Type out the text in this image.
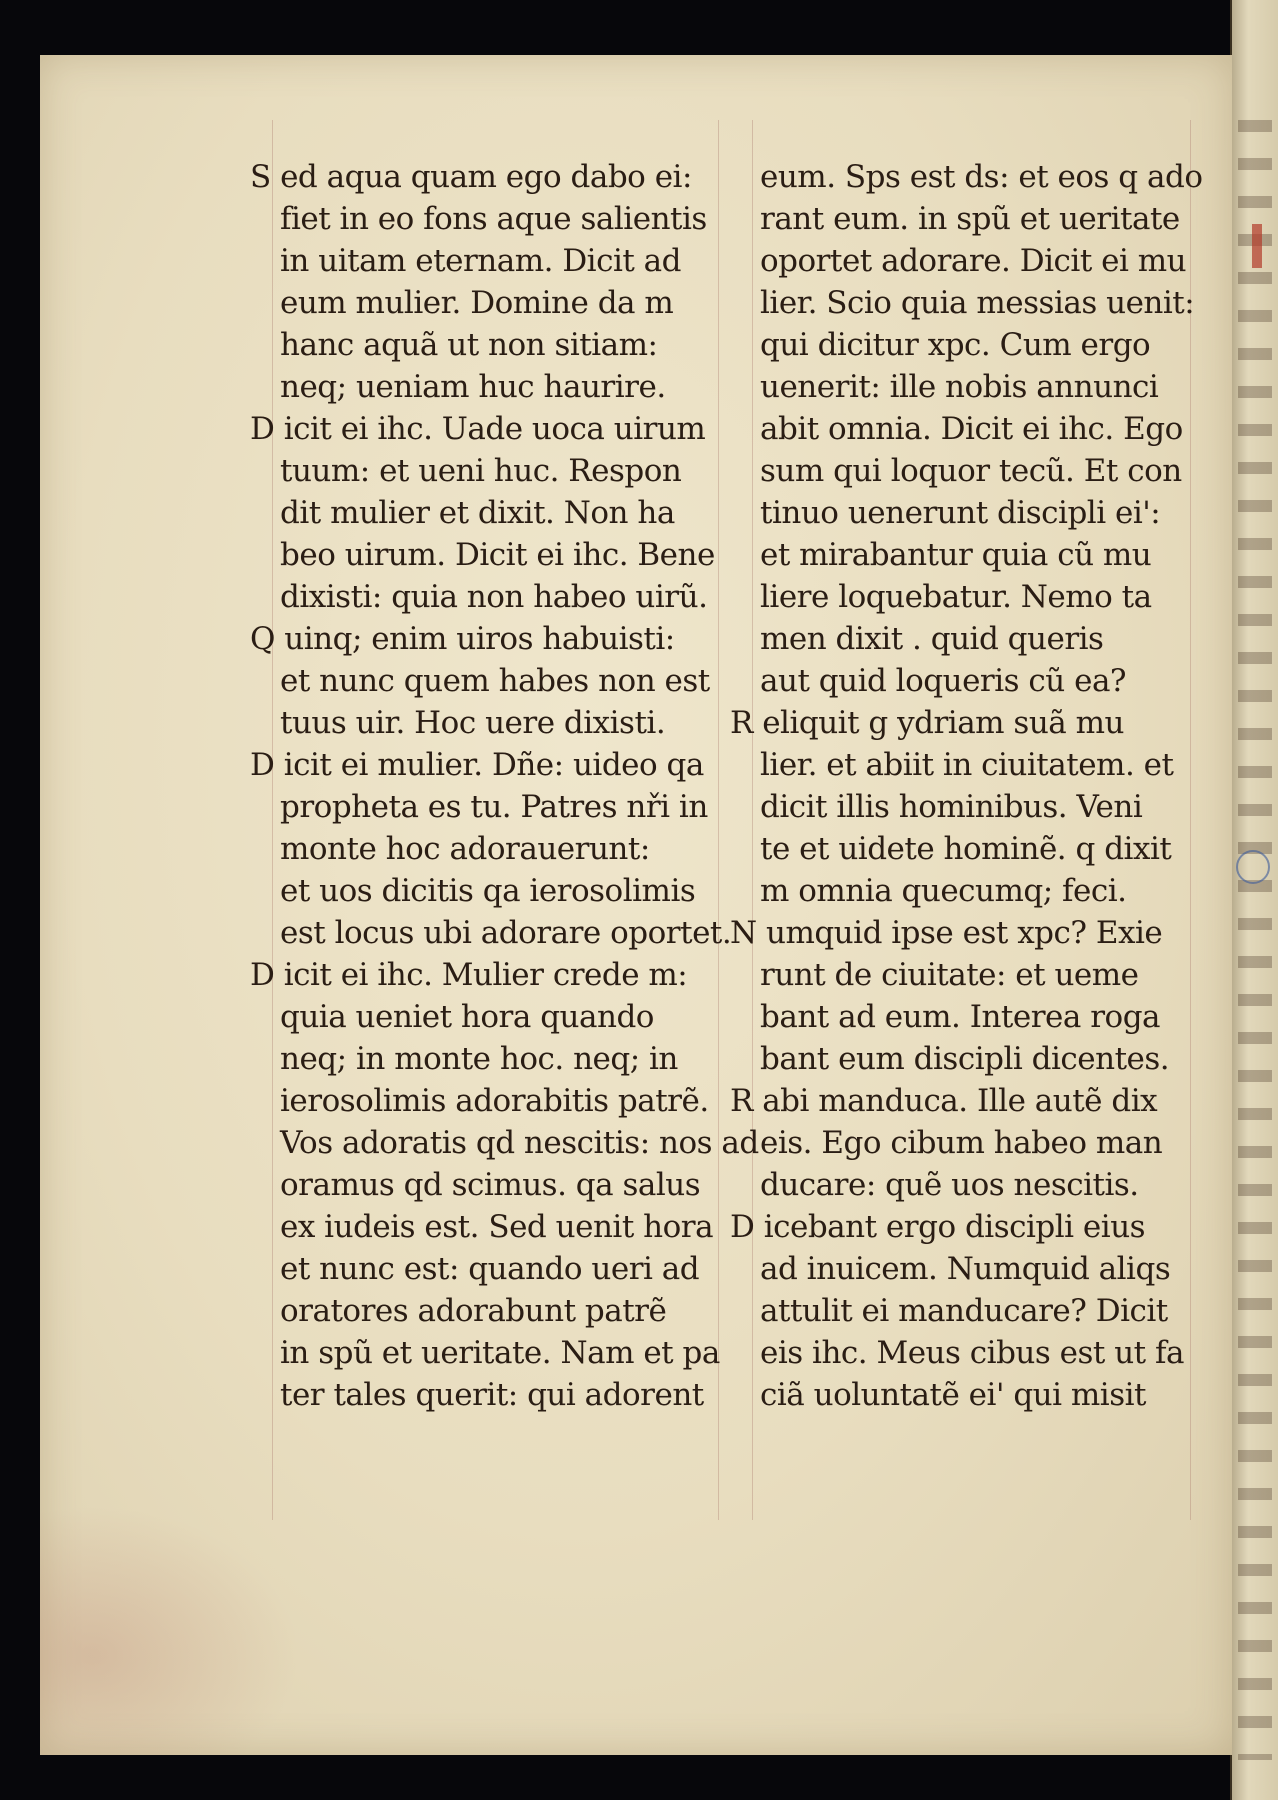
S ed aqua quam ego dabo ei:
fiet in eo fons aque salientis
in uitam eternam. Dicit ad
eum mulier. Domine da m
hanc aquã ut non sitiam:
neq; ueniam huc haurire.
D icit ei ihc. Uade uoca uirum
tuum: et ueni huc. Respon
dit mulier et dixit. Non ha
beo uirum. Dicit ei ihc. Bene
dixisti: quia non habeo uirũ.
Q uinq; enim uiros habuisti:
et nunc quem habes non est
tuus uir. Hoc uere dixisti.
D icit ei mulier. Dñe: uideo qa
propheta es tu. Patres nři in
monte hoc adorauerunt:
et uos dicitis qa ierosolimis
est locus ubi adorare oportet.
D icit ei ihc. Mulier crede m:
quia ueniet hora quando
neq; in monte hoc. neq; in
ierosolimis adorabitis patrẽ.
Vos adoratis qd nescitis: nos ad
oramus qd scimus. qa salus
ex iudeis est. Sed uenit hora
et nunc est: quando ueri ad
oratores adorabunt patrẽ
in spũ et ueritate. Nam et pa
ter tales querit: qui adorent
eum. Sps est ds: et eos q ado
rant eum. in spũ et ueritate
oportet adorare. Dicit ei mu
lier. Scio quia messias uenit:
qui dicitur xpc. Cum ergo
uenerit: ille nobis annunci
abit omnia. Dicit ei ihc. Ego
sum qui loquor tecũ. Et con
tinuo uenerunt discipli ei':
et mirabantur quia cũ mu
liere loquebatur. Nemo ta
men dixit . quid queris
aut quid loqueris cũ ea?
R eliquit g ydriam suã mu
lier. et abiit in ciuitatem. et
dicit illis hominibus. Veni
te et uidete hominẽ. q dixit
m omnia quecumq; feci.
N umquid ipse est xpc? Exie
runt de ciuitate: et ueme
bant ad eum. Interea roga
bant eum discipli dicentes.
R abi manduca. Ille autẽ dix
eis. Ego cibum habeo man
ducare: quẽ uos nescitis.
D icebant ergo discipli eius
ad inuicem. Numquid aliqs
attulit ei manducare? Dicit
eis ihc. Meus cibus est ut fa
ciã uoluntatẽ ei' qui misit
